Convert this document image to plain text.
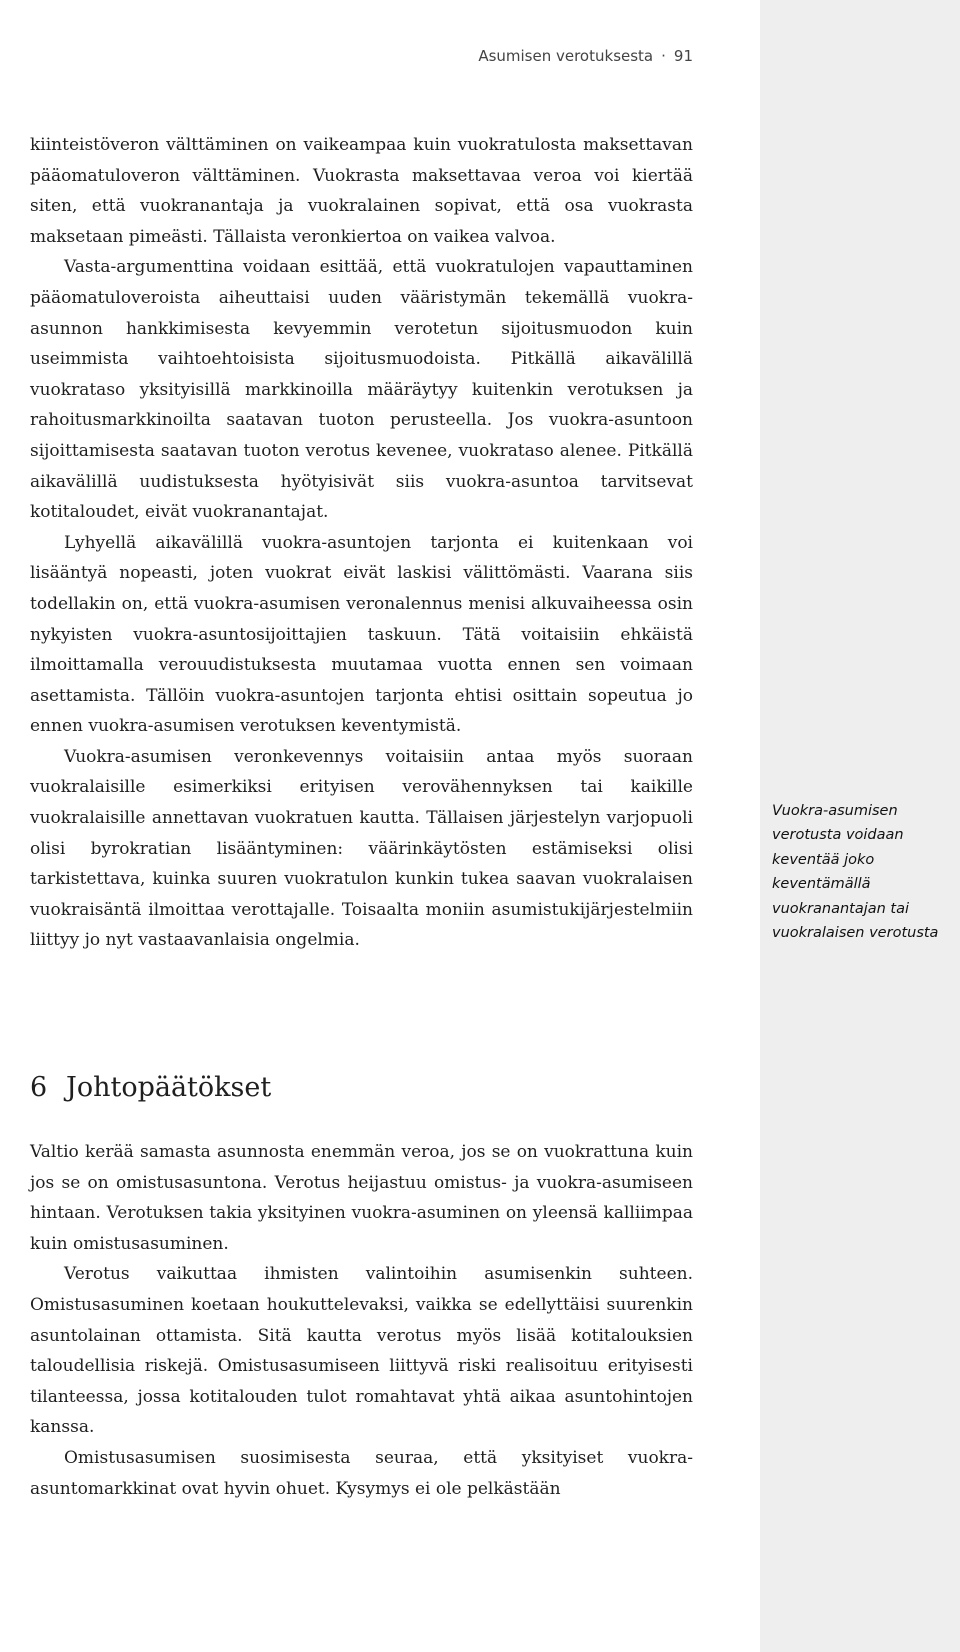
Asumisen verotuksesta · 91

kiinteistöveron välttäminen on vaikeampaa kuin vuokratulosta maksettavan pääomatuloveron välttäminen. Vuokrasta maksettavaa veroa voi kiertää siten, että vuokranantaja ja vuokralainen sopivat, että osa vuokrasta maksetaan pimeästi. Tällaista veronkiertoa on vaikea valvoa.

Vasta-argumenttina voidaan esittää, että vuokratulojen vapauttaminen pääomatuloveroista aiheuttaisi uuden vääristymän tekemällä vuokra-asunnon hankkimisesta kevyemmin verotetun sijoitusmuodon kuin useimmista vaihtoehtoisista sijoitusmuodoista. Pitkällä aikavälillä vuokrataso yksityisillä markkinoilla määräytyy kuitenkin verotuksen ja rahoitusmarkkinoilta saatavan tuoton perusteella. Jos vuokra-asuntoon sijoittamisesta saatavan tuoton verotus kevenee, vuokrataso alenee. Pitkällä aikavälillä uudistuksesta hyötyisivät siis vuokra-asuntoa tarvitsevat kotitaloudet, eivät vuokranantajat.

Lyhyellä aikavälillä vuokra-asuntojen tarjonta ei kuitenkaan voi lisääntyä nopeasti, joten vuokrat eivät laskisi välittömästi. Vaarana siis todellakin on, että vuokra-asumisen veronalennus menisi alkuvaiheessa osin nykyisten vuokra-asuntosijoittajien taskuun. Tätä voitaisiin ehkäistä ilmoittamalla verouudistuksesta muutamaa vuotta ennen sen voimaan asettamista. Tällöin vuokra-asuntojen tarjonta ehtisi osittain sopeutua jo ennen vuokra-asumisen verotuksen keventymistä.

Vuokra-asumisen veronkevennys voitaisiin antaa myös suoraan vuokralaisille esimerkiksi erityisen verovähennyksen tai kaikille vuokralaisille annettavan vuokratuen kautta. Tällaisen järjestelyn varjopuoli olisi byrokratian lisääntyminen: väärinkäytösten estämiseksi olisi tarkistettava, kuinka suuren vuokratulon kunkin tukea saavan vuokralaisen vuokraisäntä ilmoittaa verottajalle. Toisaalta moniin asumistukijärjestelmiin liittyy jo nyt vastaavanlaisia ongelmia.

Vuokra-asumisen verotusta voidaan keventää joko keventämällä vuokranantajan tai vuokralaisen verotusta
6 Johtopäätökset

Valtio kerää samasta asunnosta enemmän veroa, jos se on vuokrattuna kuin jos se on omistusasuntona. Verotus heijastuu omistus- ja vuokra-asumiseen hintaan. Verotuksen takia yksityinen vuokra-asuminen on yleensä kalliimpaa kuin omistusasuminen.

Verotus vaikuttaa ihmisten valintoihin asumisenkin suhteen. Omistusasuminen koetaan houkuttelevaksi, vaikka se edellyttäisi suurenkin asuntolainan ottamista. Sitä kautta verotus myös lisää kotitalouksien taloudellisia riskejä. Omistusasumiseen liittyvä riski realisoituu erityisesti tilanteessa, jossa kotitalouden tulot romahtavat yhtä aikaa asuntohintojen kanssa.

Omistusasumisen suosimisesta seuraa, että yksityiset vuokra-asuntomarkkinat ovat hyvin ohuet. Kysymys ei ole pelkästään
